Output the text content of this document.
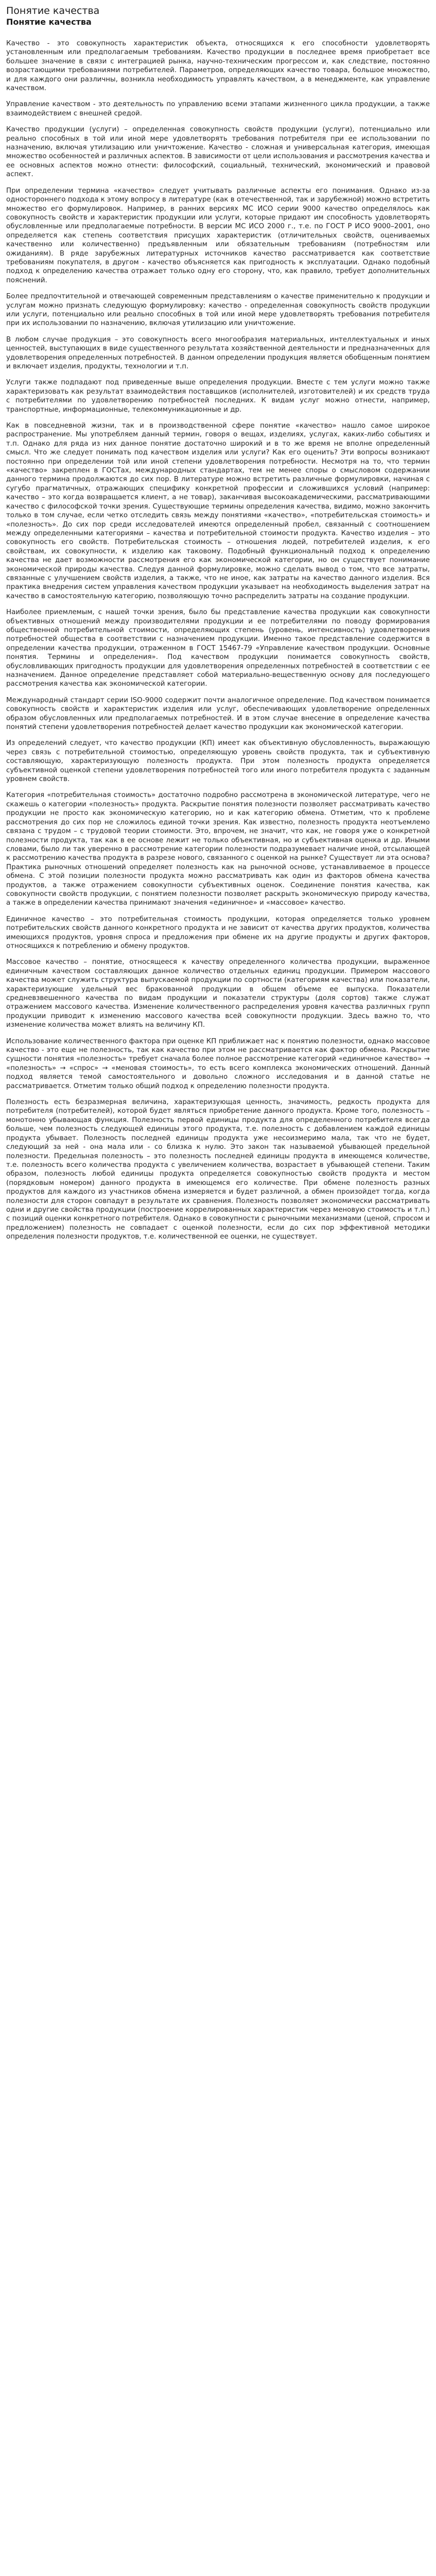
Понятие качества
Понятие качества

Качество - это совокупность характеристик объекта, относящихся к его способности удовлетворять установленным или предполагаемым требованиям. Качество продукции в последнее время приобретает все большее значение в связи с интеграцией рынка, научно-техническим прогрессом и, как следствие, постоянно возрастающими требованиями потребителей. Параметров, определяющих качество товара, большое множество, и для каждого они различны, возникла необходимость управлять качеством, а в менеджменте, как управление качеством.

Управление качеством - это деятельность по управлению всеми этапами жизненного цикла продукции, а также взаимодействием с внешней средой.

Качество продукции (услуги) – определенная совокупность свойств продукции (услуги), потенциально или реально способных в той или иной мере удовлетворять требования потребителя при ее использовании по назначению, включая утилизацию или уничтожение. Качество - сложная и универсальная категория, имеющая множество особенностей и различных аспектов. В зависимости от цели использования и рассмотрения качества и ее основных аспектов можно отнести: философский, социальный, технический, экономический и правовой аспект.

При определении термина «качество» следует учитывать различные аспекты его понимания. Однако из-за одностороннего подхода к этому вопросу в литературе (как в отечественной, так и зарубежной) можно встретить множество его формулировок. Например, в ранних версиях МС ИСО серии 9000 качество определялось как совокупность свойств и характеристик продукции или услуги, которые придают им способность удовлетворять обусловленные или предполагаемые потребности. В версии МС ИСО 2000 г., т.е. по ГОСТ Р ИСО 9000–2001, оно определяется как степень соответствия присущих характеристик (отличительных свойств, оцениваемых качественно или количественно) предъявленным или обязательным требованиям (потребностям или ожиданиям). В ряде зарубежных литературных источников качество рассматривается как соответствие требованиям покупателя, в другом - качество объясняется как пригодность к эксплуатации. Однако подобный подход к определению качества отражает только одну его сторону, что, как правило, требует дополнительных пояснений.

Более предпочтительной и отвечающей современным представлениям о качестве применительно к продукции и услугам можно признать следующую формулировку: качество - определенная совокупность свойств продукции или услуги, потенциально или реально способных в той или иной мере удовлетворять требования потребителя при их использовании по назначению, включая утилизацию или уничтожение.

В любом случае продукция – это совокупность всего многообразия материальных, интеллектуальных и иных ценностей, выступающих в виде существенного результата хозяйственной деятельности и предназначенных для удовлетворения определенных потребностей. В данном определении продукция является обобщенным понятием и включает изделия, продукты, технологии и т.п.

Услуги также подпадают под приведенные выше определения продукции. Вместе с тем услуги можно также характеризовать как результат взаимодействия поставщиков (исполнителей, изготовителей) и их средств труда с потребителями по удовлетворению потребностей последних. К видам услуг можно отнести, например, транспортные, информационные, телекоммуникационные и др.

Как в повседневной жизни, так и в производственной сфере понятие «качество» нашло самое широкое распространение. Мы употребляем данный термин, говоря о вещах, изделиях, услугах, каких-либо событиях и т.п. Однако для ряда из них данное понятие достаточно широкий и в то же время не вполне определенный смысл. Что же следует понимать под качеством изделия или услуги? Как его оценить? Эти вопросы возникают постоянно при определении той или иной степени удовлетворения потребности. Несмотря на то, что термин «качество» закреплен в ГОСТах, международных стандартах, тем не менее споры о смысловом содержании данного термина продолжаются до сих пор. В литературе можно встретить различные формулировки, начиная с сугубо прагматичных, отражающих специфику конкретной профессии и сложившихся условий (например: качество – это когда возвращается клиент, а не товар), заканчивая высокоакадемическими, рассматривающими качество с философской точки зрения. Существующие термины определения качества, видимо, можно закончить только в том случае, если четко отследить связь между понятиями «качество», «потребительская стоимость» и «полезность». До сих пор среди исследователей имеются определенный пробел, связанный с соотношением между определенными категориями – качества и потребительной стоимости продукта. Качество изделия – это совокупность его свойств. Потребительская стоимость – отношения людей, потребителей изделия, к его свойствам, их совокупности, к изделию как таковому. Подобный функциональный подход к определению качества не дает возможности рассмотрения его как экономической категории, но он существует понимание экономической природы качества. Следуя данной формулировке, можно сделать вывод о том, что все затраты, связанные с улучшением свойств изделия, а также, что не иное, как затраты на качество данного изделия. Вся практика внедрения систем управления качеством продукции указывает на необходимость выделения затрат на качество в самостоятельную категорию, позволяющую точно распределить затраты на создание продукции.

Наиболее приемлемым, с нашей точки зрения, было бы представление качества продукции как совокупности объективных отношений между производителями продукции и ее потребителями по поводу формирования общественной потребительной стоимости, определяющих степень (уровень, интенсивность) удовлетворения потребностей общества в соответствии с назначением продукции. Именно такое представление содержится в определении качества продукции, отраженном в ГОСТ 15467-79 «Управление качеством продукции. Основные понятия. Термины и определения». Под качеством продукции понимается совокупность свойств, обусловливающих пригодность продукции для удовлетворения определенных потребностей в соответствии с ее назначением. Данное определение представляет собой материально-вещественную основу для последующего рассмотрения качества как экономической категории.

Международный стандарт серии ISO-9000 содержит почти аналогичное определение. Под качеством понимается совокупность свойств и характеристик изделия или услуг, обеспечивающих удовлетворение определенных образом обусловленных или предполагаемых потребностей. И в этом случае внесение в определение качества понятий степени удовлетворения потребностей делает качество продукции как экономической категории.

Из определений следует, что качество продукции (КП) имеет как объективную обусловленность, выражающую через связь с потребительной стоимостью, определяющую уровень свойств продукта, так и субъективную составляющую, характеризующую полезность продукта. При этом полезность продукта определяется субъективной оценкой степени удовлетворения потребностей того или иного потребителя продукта с заданным уровнем свойств.

Категория «потребительная стоимость» достаточно подробно рассмотрена в экономической литературе, чего не скажешь о категории «полезность» продукта. Раскрытие понятия полезности позволяет рассматривать качество продукции не просто как экономическую категорию, но и как категорию обмена. Отметим, что к проблеме рассмотрения до сих пор не сложилось единой точки зрения. Как известно, полезность продукта неотъемлемо связана с трудом – с трудовой теории стоимости. Это, впрочем, не значит, что как, не говоря уже о конкретной полезности продукта, так как в ее основе лежит не только объективная, но и субъективная оценка и др. Иными словами, было ли так уверенно в рассмотрение категории полезности подразумевает наличие иной, отсылающей к рассмотрению качества продукта в разрезе нового, связанного с оценкой на рынке? Существует ли эта основа? Практика рыночных отношений определяет полезность как на рыночной основе, устанавливаемое в процессе обмена. С этой позиции полезности продукта можно рассматривать как один из факторов обмена качества продуктов, а также отражением совокупности субъективных оценок. Соединение понятия качества, как совокупности свойств продукции, с понятием полезности позволяет раскрыть экономическую природу качества, а также в определении качества принимают значения «единичное» и «массовое» качество.

Единичное качество – это потребительная стоимость продукции, которая определяется только уровнем потребительских свойств данного конкретного продукта и не зависит от качества других продуктов, количества имеющихся продуктов, уровня спроса и предложения при обмене их на другие продукты и других факторов, относящихся к потреблению и обмену продуктов.

Массовое качество – понятие, относящееся к качеству определенного количества продукции, выраженное единичным качеством составляющих данное количество отдельных единиц продукции. Примером массового качества может служить структура выпускаемой продукции по сортности (категориям качества) или показатели, характеризующие удельный вес бракованной продукции в общем объеме ее выпуска. Показатели средневзвешенного качества по видам продукции и показатели структуры (доля сортов) также служат отражением массового качества. Изменение количественного распределения уровня качества различных групп продукции приводит к изменению массового качества всей совокупности продукции. Здесь важно то, что изменение количества может влиять на величину КП.

Использование количественного фактора при оценке КП приближает нас к понятию полезности, однако массовое качество - это еще не полезность, так как качество при этом не рассматривается как фактор обмена. Раскрытие сущности понятия «полезность» требует сначала более полное рассмотрение категорий «единичное качество» → «полезность» → «спрос» → «меновая стоимость», то есть всего комплекса экономических отношений. Данный подход является темой самостоятельного и довольно сложного исследования и в данной статье не рассматривается. Отметим только общий подход к определению полезности продукта.

Полезность есть безразмерная величина, характеризующая ценность, значимость, редкость продукта для потребителя (потребителей), которой будет являться приобретение данного продукта. Кроме того, полезность – монотонно убывающая функция. Полезность первой единицы продукта для определенного потребителя всегда больше, чем полезность следующей единицы этого продукта, т.е. полезность с добавлением каждой единицы продукта убывает. Полезность последней единицы продукта уже несоизмеримо мала, так что не будет, следующий за ней - она мала или - со близка к нулю. Это закон так называемой убывающей предельной полезности. Предельная полезность – это полезность последней единицы продукта в имеющемся количестве, т.е. полезность всего количества продукта с увеличением количества, возрастает в убывающей степени. Таким образом, полезность любой единицы продукта определяется совокупностью свойств продукта и местом (порядковым номером) данного продукта в имеющемся его количестве. При обмене полезность разных продуктов для каждого из участников обмена измеряется и будет различной, а обмен произойдет тогда, когда полезности для сторон совпадут в результате их сравнения. Полезность позволяет экономически рассматривать одни и другие свойства продукции (построение коррелированных характеристик через меновую стоимость и т.п.) с позиций оценки конкретного потребителя. Однако в совокупности с рыночными механизмами (ценой, спросом и предложением) полезность не совпадает с оценкой полезности, если до сих пор эффективной методики определения полезности продуктов, т.е. количественной ее оценки, не существует.
